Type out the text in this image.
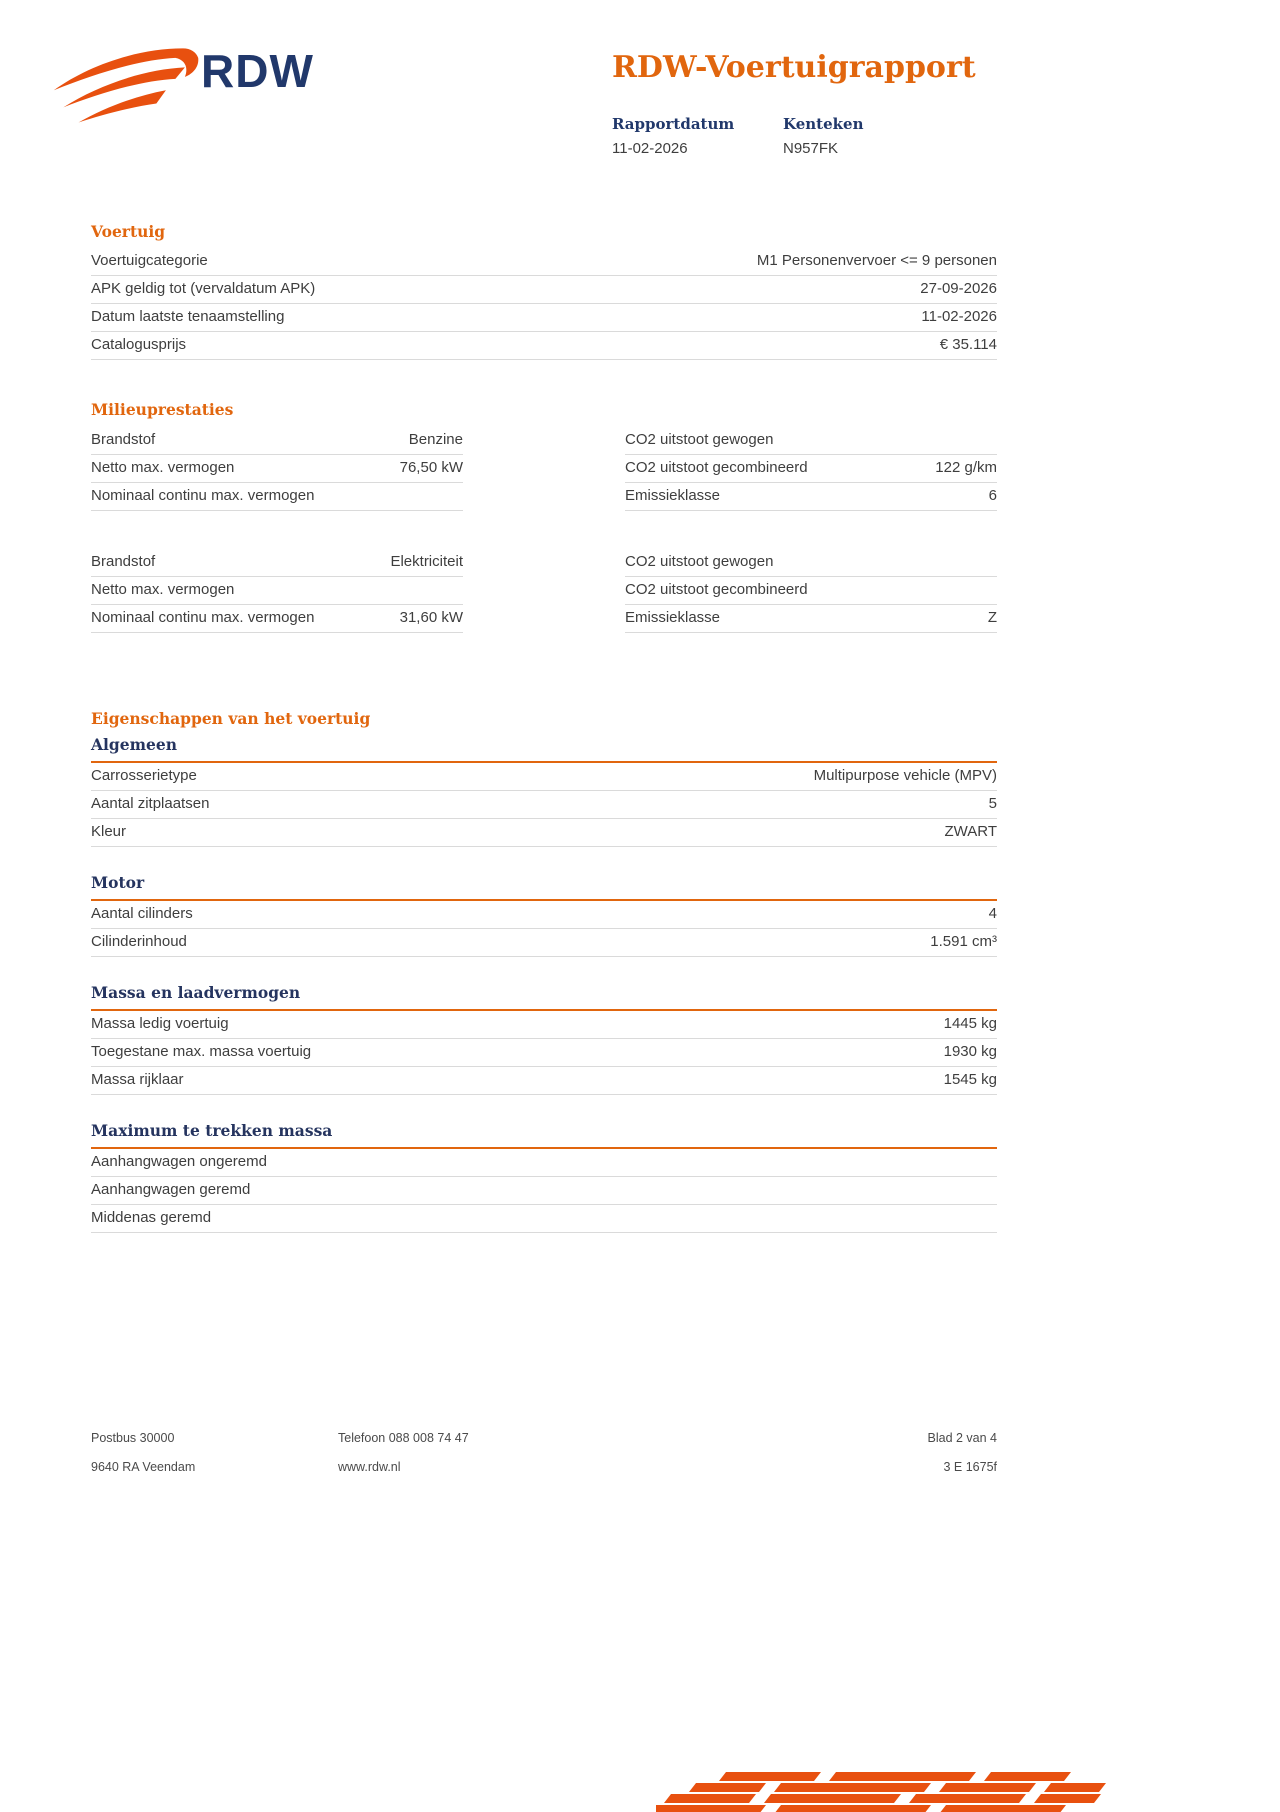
RDW	RDW-Voertuigrapport
Rapportdatum
11-02-2026
Kenteken
N957FK
Voertuig
Voertuigcategorie	M1 Personenvervoer <= 9 personen
APK geldig tot (vervaldatum APK)	27-09-2026
Datum laatste tenaamstelling	11-02-2026
Catalogusprijs	€ 35.114
Milieuprestaties
Brandstof	Benzine
Netto max. vermogen	76,50 kW
Nominaal continu max. vermogen
CO2 uitstoot gewogen
CO2 uitstoot gecombineerd	122 g/km
Emissieklasse	6
Brandstof	Elektriciteit
Netto max. vermogen
Nominaal continu max. vermogen	31,60 kW
CO2 uitstoot gewogen
CO2 uitstoot gecombineerd
Emissieklasse	Z
Eigenschappen van het voertuig
Algemeen
Carrosserietype	Multipurpose vehicle (MPV)
Aantal zitplaatsen	5
Kleur	ZWART
Motor
Aantal cilinders	4
Cilinderinhoud	1.591 cm³
Massa en laadvermogen
Massa ledig voertuig	1445 kg
Toegestane max. massa voertuig	1930 kg
Massa rijklaar	1545 kg
Maximum te trekken massa
Aanhangwagen ongeremd
Aanhangwagen geremd
Middenas geremd
Postbus 30000
9640 RA Veendam
Telefoon 088 008 74 47
www.rdw.nl
Blad 2 van 4
3 E 1675f
